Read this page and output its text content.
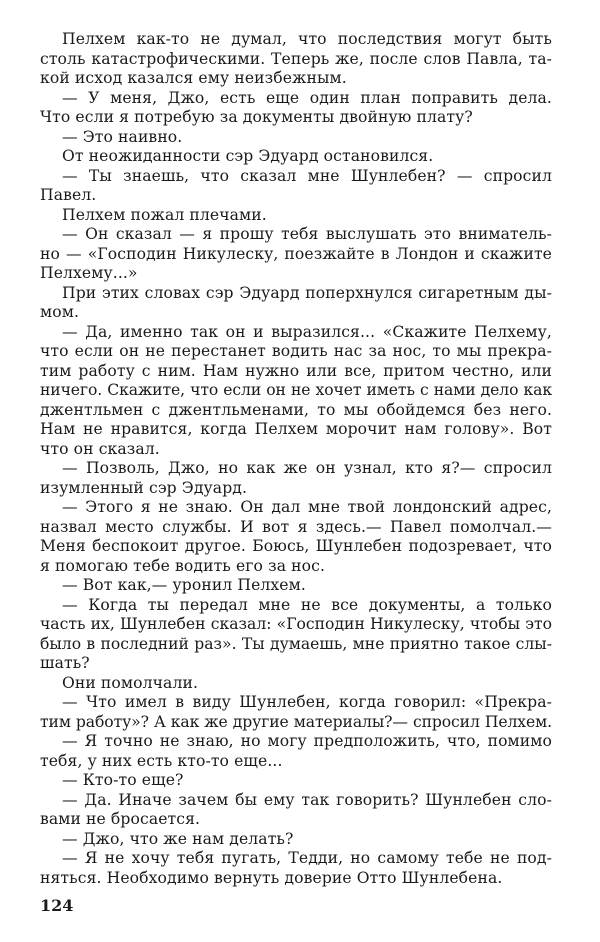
Пелхем как-то не думал, что последствия могут быть
столь катастрофическими. Теперь же, после слов Павла, та-
кой исход казался ему неизбежным.
— У меня, Джо, есть еще один план поправить дела.
Что если я потребую за документы двойную плату?
— Это наивно.
От неожиданности сэр Эдуард остановился.
— Ты знаешь, что сказал мне Шунлебен? — спросил
Павел.
Пелхем пожал плечами.
— Он сказал — я прошу тебя выслушать это вниматель-
но — «Господин Никулеску, поезжайте в Лондон и скажите
Пелхему...»
При этих словах сэр Эдуард поперхнулся сигаретным ды-
мом.
— Да, именно так он и выразился... «Скажите Пелхему,
что если он не перестанет водить нас за нос, то мы прекра-
тим работу с ним. Нам нужно или все, притом честно, или
ничего. Скажите, что если он не хочет иметь с нами дело как
джентльмен с джентльменами, то мы обойдемся без него.
Нам не нравится, когда Пелхем морочит нам голову». Вот
что он сказал.
— Позволь, Джо, но как же он узнал, кто я?— спросил
изумленный сэр Эдуард.
— Этого я не знаю. Он дал мне твой лондонский адрес,
назвал место службы. И вот я здесь.— Павел помолчал.—
Меня беспокоит другое. Боюсь, Шунлебен подозревает, что
я помогаю тебе водить его за нос.
— Вот как,— уронил Пелхем.
— Когда ты передал мне не все документы, а только
часть их, Шунлебен сказал: «Господин Никулеску, чтобы это
было в последний раз». Ты думаешь, мне приятно такое слы-
шать?
Они помолчали.
— Что имел в виду Шунлебен, когда говорил: «Прекра-
тим работу»? А как же другие материалы?— спросил Пелхем.
— Я точно не знаю, но могу предположить, что, помимо
тебя, у них есть кто-то еще...
— Кто-то еще?
— Да. Иначе зачем бы ему так говорить? Шунлебен сло-
вами не бросается.
— Джо, что же нам делать?
— Я не хочу тебя пугать, Тедди, но самому тебе не под-
няться. Необходимо вернуть доверие Отто Шунлебена.
124
